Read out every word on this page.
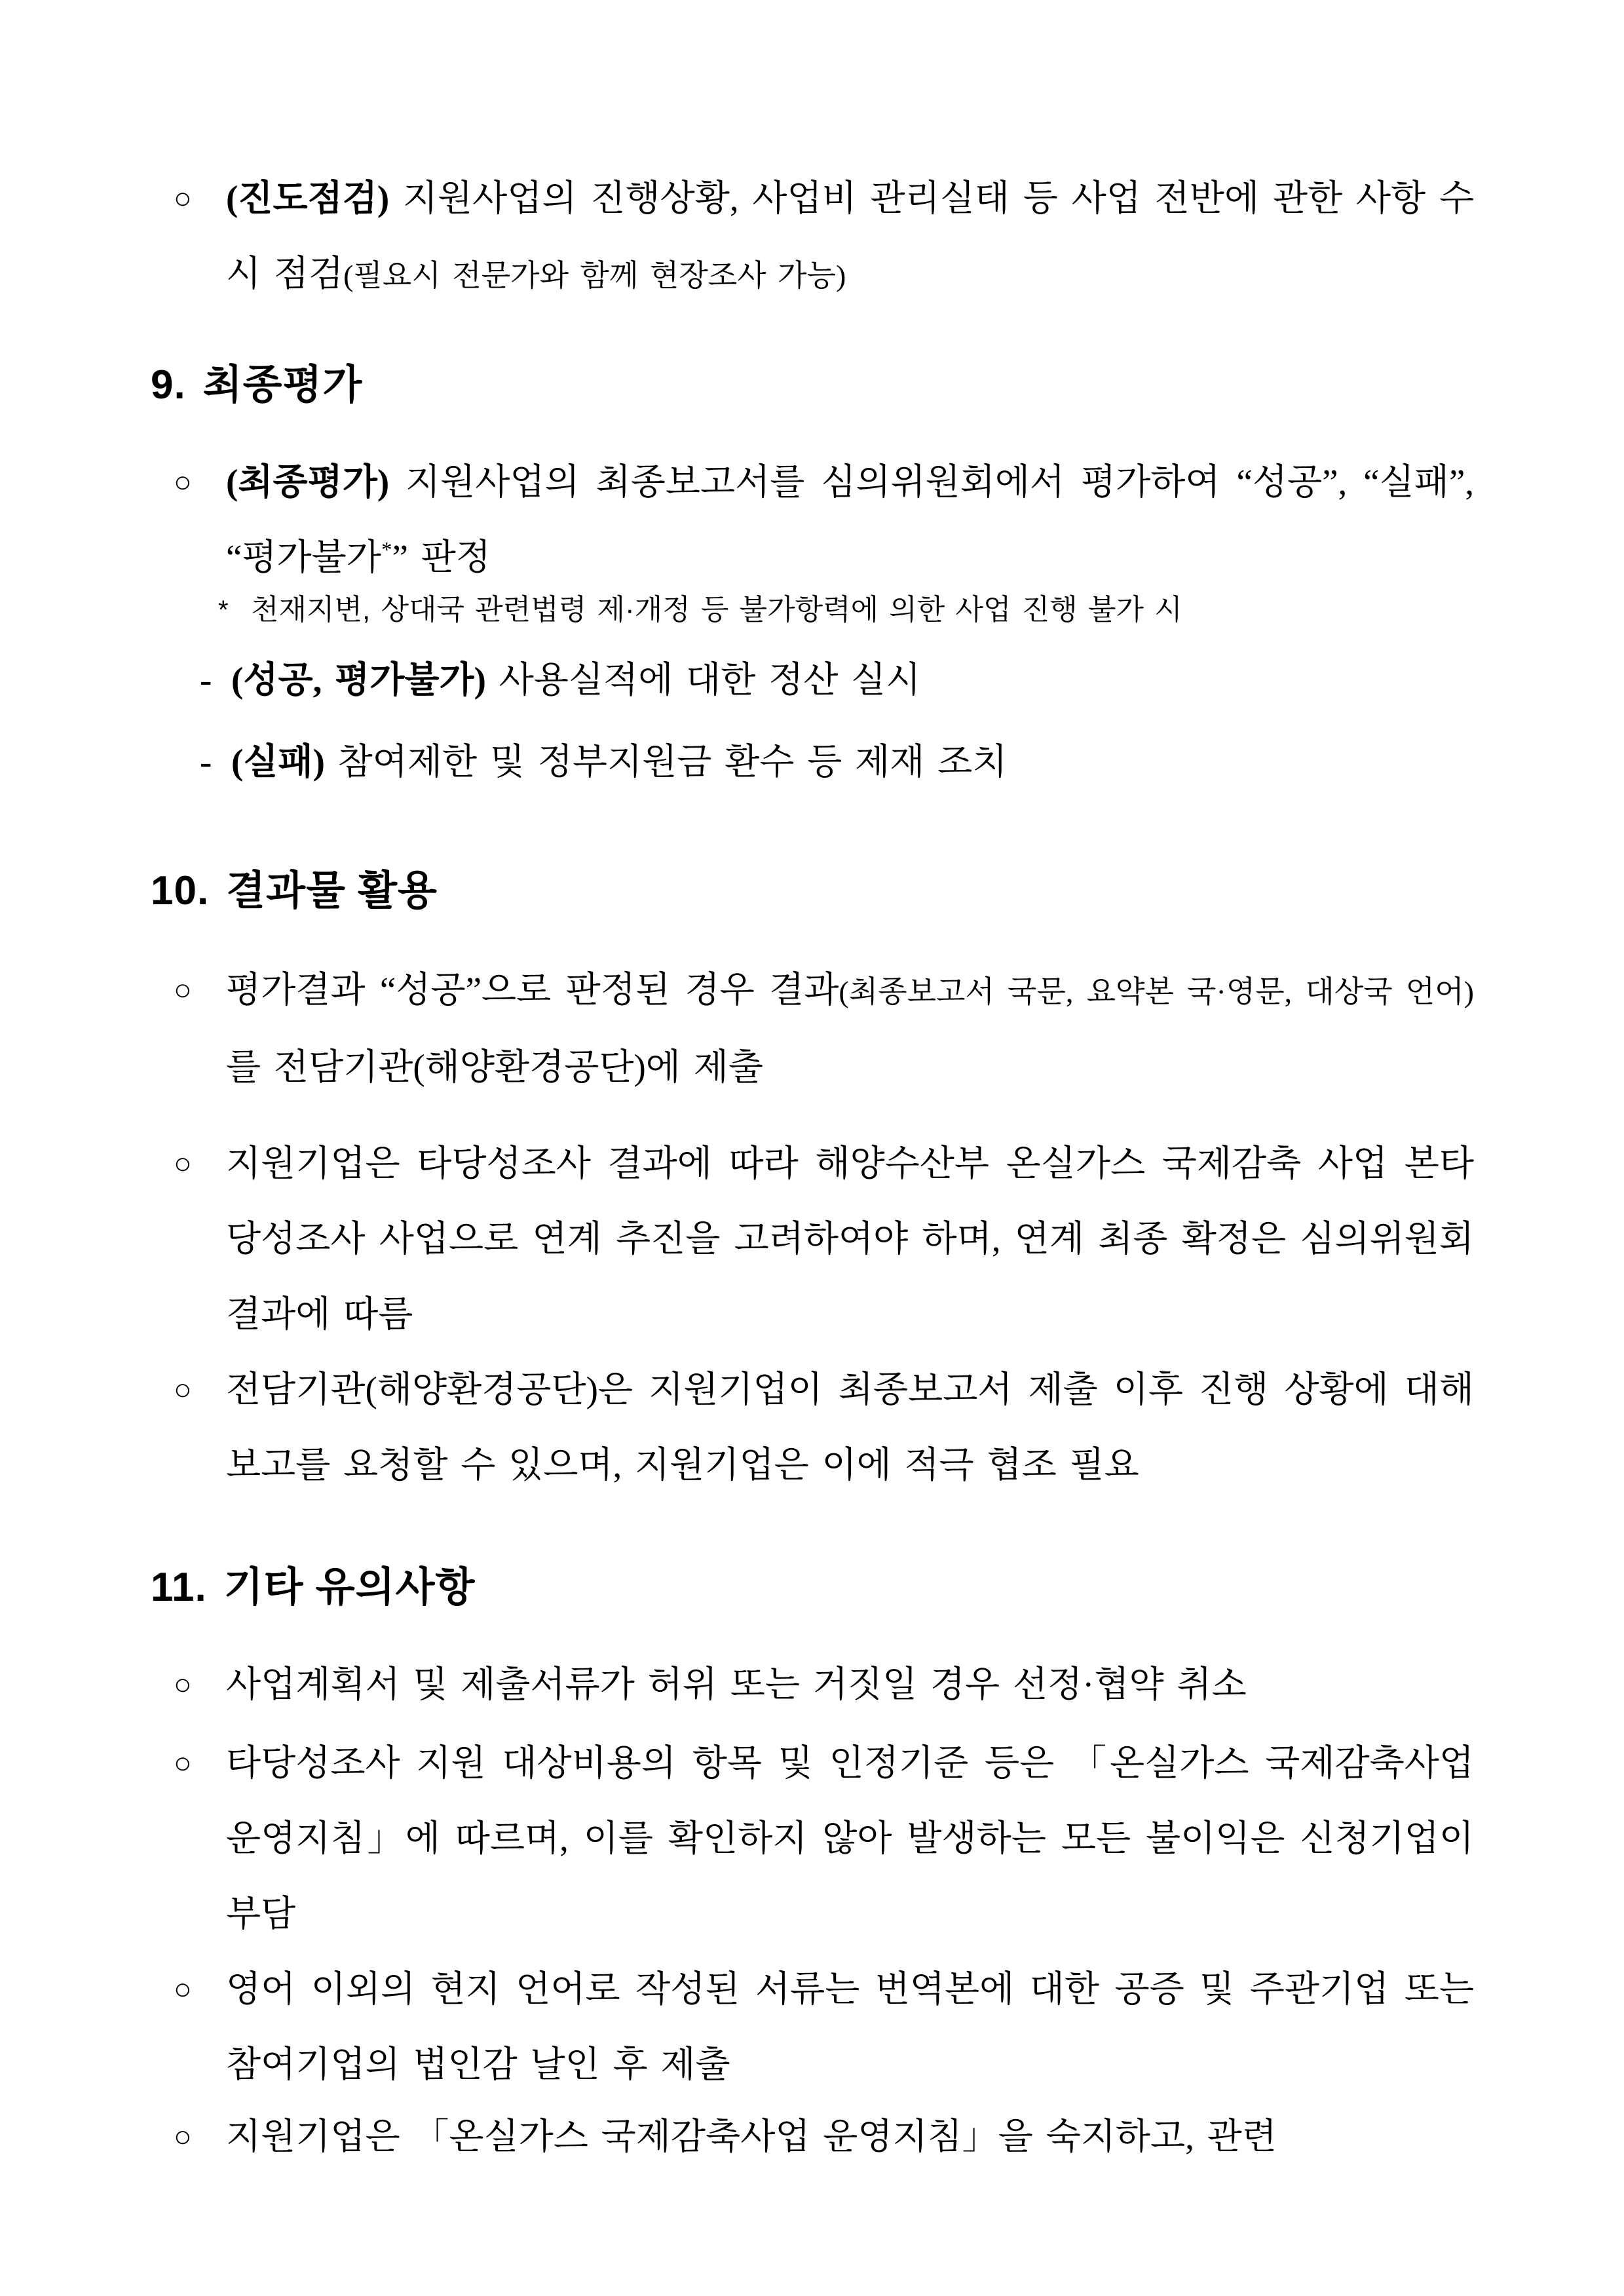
○ (진도점검) 지원사업의 진행상황, 사업비 관리실태 등 사업 전반에 관한 사항 수시 점검(필요시 전문가와 함께 현장조사 가능)

9. 최종평가

○ (최종평가) 지원사업의 최종보고서를 심의위원회에서 평가하여 “성공”, “실패”, “평가불가*” 판정

* 천재지변, 상대국 관련법령 제·개정 등 불가항력에 의한 사업 진행 불가 시

- (성공, 평가불가) 사용실적에 대한 정산 실시

- (실패) 참여제한 및 정부지원금 환수 등 제재 조치

10. 결과물 활용

○ 평가결과 “성공”으로 판정된 경우 결과(최종보고서 국문, 요약본 국·영문, 대상국 언어)를 전담기관(해양환경공단)에 제출

○ 지원기업은 타당성조사 결과에 따라 해양수산부 온실가스 국제감축 사업 본타당성조사 사업으로 연계 추진을 고려하여야 하며, 연계 최종 확정은 심의위원회 결과에 따름

○ 전담기관(해양환경공단)은 지원기업이 최종보고서 제출 이후 진행 상황에 대해 보고를 요청할 수 있으며, 지원기업은 이에 적극 협조 필요

11. 기타 유의사항

○ 사업계획서 및 제출서류가 허위 또는 거짓일 경우 선정·협약 취소

○ 타당성조사 지원 대상비용의 항목 및 인정기준 등은 「온실가스 국제감축사업 운영지침」에 따르며, 이를 확인하지 않아 발생하는 모든 불이익은 신청기업이 부담

○ 영어 이외의 현지 언어로 작성된 서류는 번역본에 대한 공증 및 주관기업 또는 참여기업의 법인감 날인 후 제출

○ 지원기업은 「온실가스 국제감축사업 운영지침」을 숙지하고, 관련
